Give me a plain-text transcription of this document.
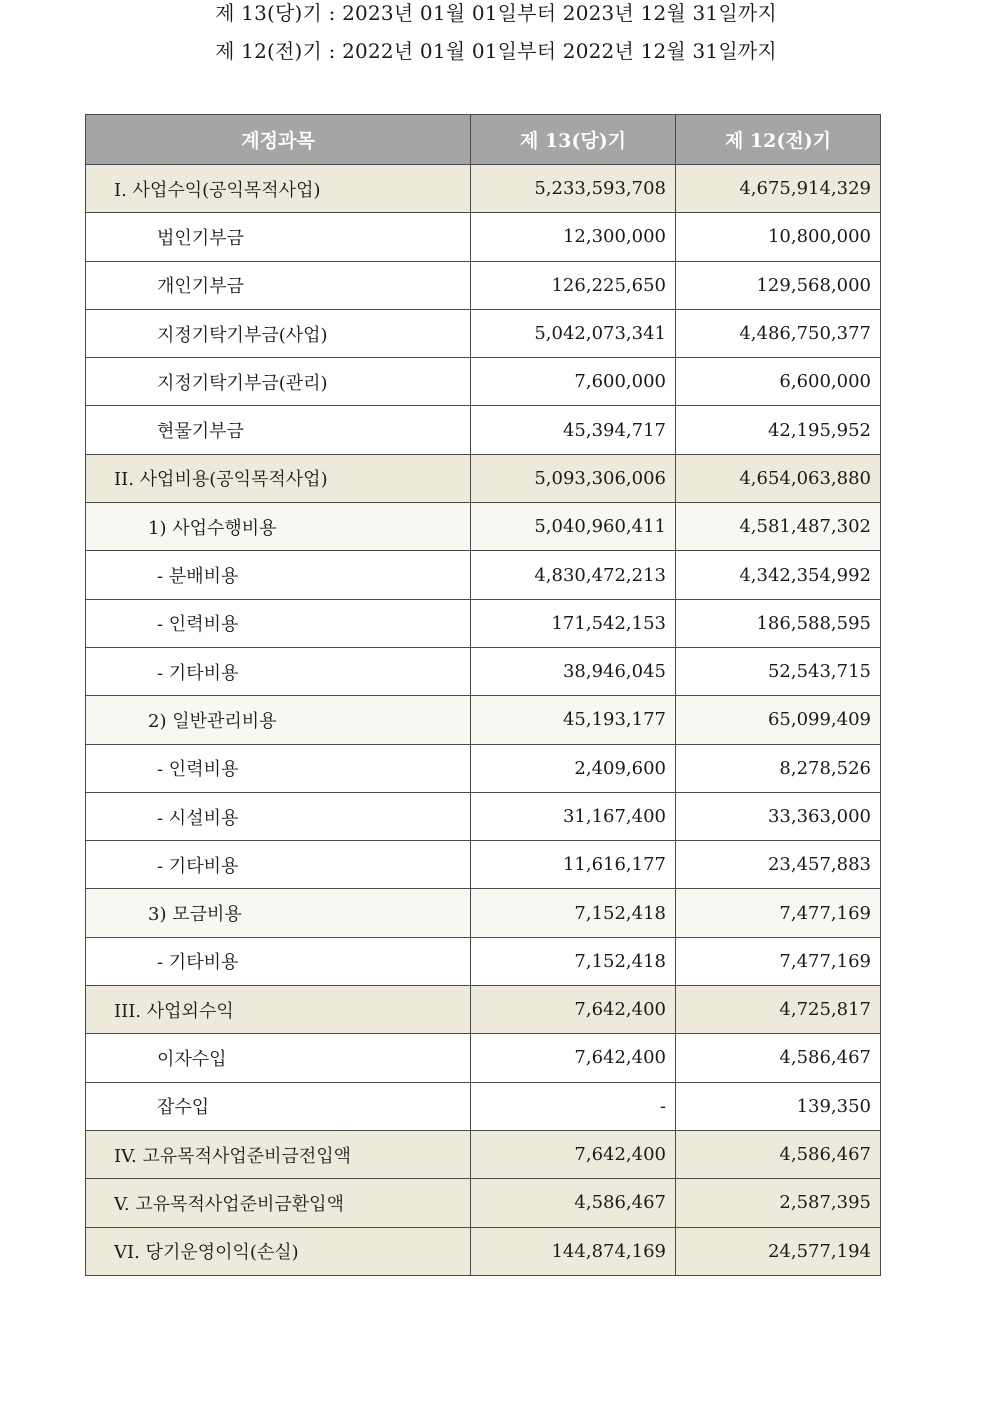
제 13(당)기 : 2023년 01월 01일부터 2023년 12월 31일까지
제 12(전)기 : 2022년 01월 01일부터 2022년 12월 31일까지
계정과목	제 13(당)기	제 12(전)기
I. 사업수익(공익목적사업)	5,233,593,708	4,675,914,329
법인기부금	12,300,000	10,800,000
개인기부금	126,225,650	129,568,000
지정기탁기부금(사업)	5,042,073,341	4,486,750,377
지정기탁기부금(관리)	7,600,000	6,600,000
현물기부금	45,394,717	42,195,952
II. 사업비용(공익목적사업)	5,093,306,006	4,654,063,880
1) 사업수행비용	5,040,960,411	4,581,487,302
- 분배비용	4,830,472,213	4,342,354,992
- 인력비용	171,542,153	186,588,595
- 기타비용	38,946,045	52,543,715
2) 일반관리비용	45,193,177	65,099,409
- 인력비용	2,409,600	8,278,526
- 시설비용	31,167,400	33,363,000
- 기타비용	11,616,177	23,457,883
3) 모금비용	7,152,418	7,477,169
- 기타비용	7,152,418	7,477,169
III. 사업외수익	7,642,400	4,725,817
이자수입	7,642,400	4,586,467
잡수입	-	139,350
IV. 고유목적사업준비금전입액	7,642,400	4,586,467
V. 고유목적사업준비금환입액	4,586,467	2,587,395
VI. 당기운영이익(손실)	144,874,169	24,577,194
